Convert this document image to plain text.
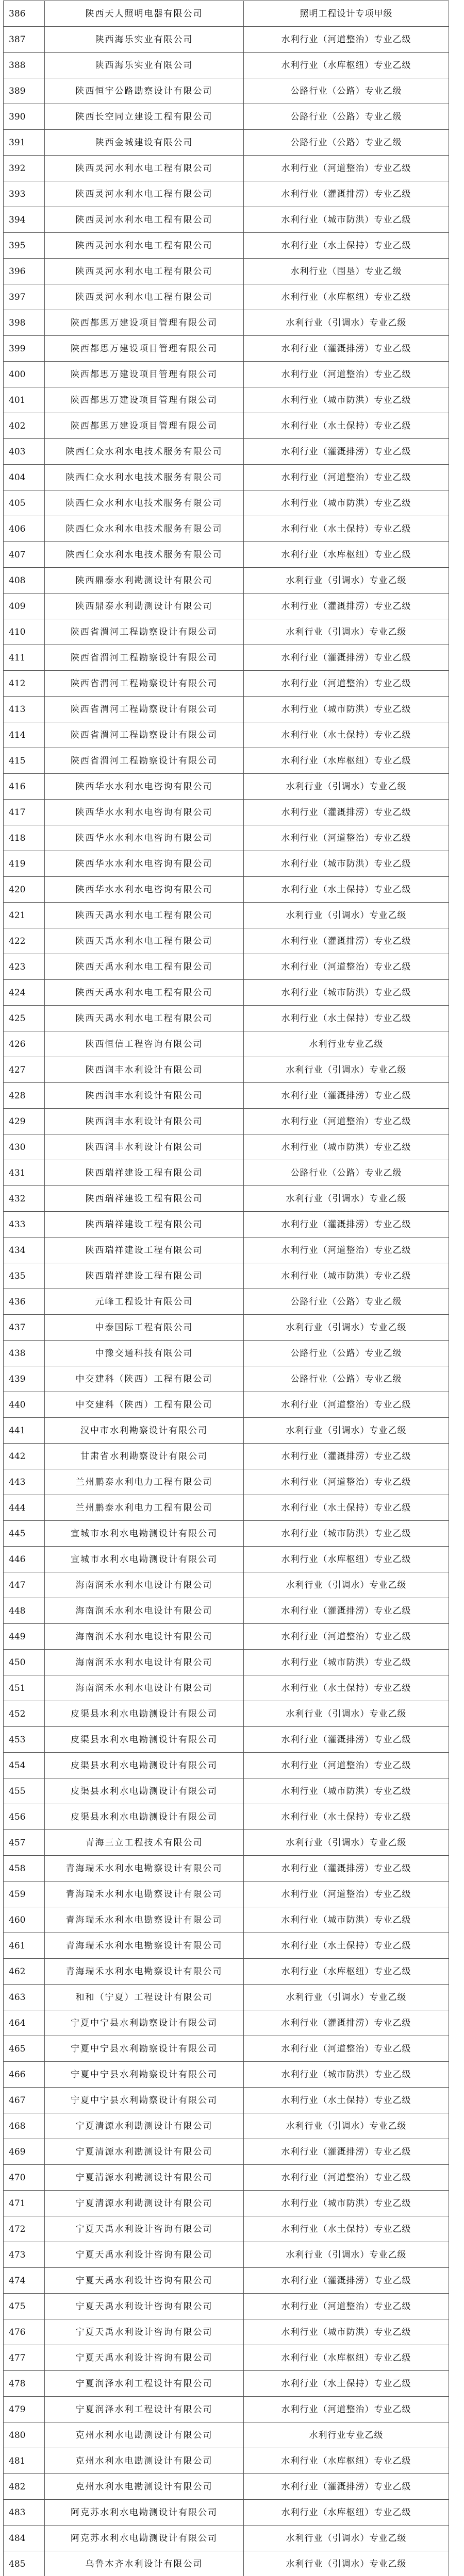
386	陕西天人照明电器有限公司	照明工程设计专项甲级
387	陕西海乐实业有限公司	水利行业（河道整治）专业乙级
388	陕西海乐实业有限公司	水利行业（水库枢纽）专业乙级
389	陕西恒宇公路勘察设计有限公司	公路行业（公路）专业乙级
390	陕西长空同立建设工程有限公司	公路行业（公路）专业乙级
391	陕西金城建设有限公司	公路行业（公路）专业乙级
392	陕西灵河水利水电工程有限公司	水利行业（河道整治）专业乙级
393	陕西灵河水利水电工程有限公司	水利行业（灌溉排涝）专业乙级
394	陕西灵河水利水电工程有限公司	水利行业（城市防洪）专业乙级
395	陕西灵河水利水电工程有限公司	水利行业（水土保持）专业乙级
396	陕西灵河水利水电工程有限公司	水利行业（围垦）专业乙级
397	陕西灵河水利水电工程有限公司	水利行业（水库枢纽）专业乙级
398	陕西都思万建设项目管理有限公司	水利行业（引调水）专业乙级
399	陕西都思万建设项目管理有限公司	水利行业（灌溉排涝）专业乙级
400	陕西都思万建设项目管理有限公司	水利行业（河道整治）专业乙级
401	陕西都思万建设项目管理有限公司	水利行业（城市防洪）专业乙级
402	陕西都思万建设项目管理有限公司	水利行业（水土保持）专业乙级
403	陕西仁众水利水电技术服务有限公司	水利行业（灌溉排涝）专业乙级
404	陕西仁众水利水电技术服务有限公司	水利行业（河道整治）专业乙级
405	陕西仁众水利水电技术服务有限公司	水利行业（城市防洪）专业乙级
406	陕西仁众水利水电技术服务有限公司	水利行业（水土保持）专业乙级
407	陕西仁众水利水电技术服务有限公司	水利行业（水库枢纽）专业乙级
408	陕西鼎泰水利勘测设计有限公司	水利行业（引调水）专业乙级
409	陕西鼎泰水利勘测设计有限公司	水利行业（灌溉排涝）专业乙级
410	陕西省渭河工程勘察设计有限公司	水利行业（引调水）专业乙级
411	陕西省渭河工程勘察设计有限公司	水利行业（灌溉排涝）专业乙级
412	陕西省渭河工程勘察设计有限公司	水利行业（河道整治）专业乙级
413	陕西省渭河工程勘察设计有限公司	水利行业（城市防洪）专业乙级
414	陕西省渭河工程勘察设计有限公司	水利行业（水土保持）专业乙级
415	陕西省渭河工程勘察设计有限公司	水利行业（水库枢纽）专业乙级
416	陕西华水水利水电咨询有限公司	水利行业（引调水）专业乙级
417	陕西华水水利水电咨询有限公司	水利行业（灌溉排涝）专业乙级
418	陕西华水水利水电咨询有限公司	水利行业（河道整治）专业乙级
419	陕西华水水利水电咨询有限公司	水利行业（城市防洪）专业乙级
420	陕西华水水利水电咨询有限公司	水利行业（水土保持）专业乙级
421	陕西天禹水利水电工程有限公司	水利行业（引调水）专业乙级
422	陕西天禹水利水电工程有限公司	水利行业（灌溉排涝）专业乙级
423	陕西天禹水利水电工程有限公司	水利行业（河道整治）专业乙级
424	陕西天禹水利水电工程有限公司	水利行业（城市防洪）专业乙级
425	陕西天禹水利水电工程有限公司	水利行业（水土保持）专业乙级
426	陕西恒信工程咨询有限公司	水利行业专业乙级
427	陕西润丰水利设计有限公司	水利行业（引调水）专业乙级
428	陕西润丰水利设计有限公司	水利行业（灌溉排涝）专业乙级
429	陕西润丰水利设计有限公司	水利行业（河道整治）专业乙级
430	陕西润丰水利设计有限公司	水利行业（城市防洪）专业乙级
431	陕西瑞祥建设工程有限公司	公路行业（公路）专业乙级
432	陕西瑞祥建设工程有限公司	水利行业（引调水）专业乙级
433	陕西瑞祥建设工程有限公司	水利行业（灌溉排涝）专业乙级
434	陕西瑞祥建设工程有限公司	水利行业（河道整治）专业乙级
435	陕西瑞祥建设工程有限公司	水利行业（城市防洪）专业乙级
436	元峰工程设计有限公司	公路行业（公路）专业乙级
437	中泰国际工程有限公司	水利行业（引调水）专业乙级
438	中豫交通科技有限公司	公路行业（公路）专业乙级
439	中交建科（陕西）工程有限公司	公路行业（公路）专业乙级
440	中交建科（陕西）工程有限公司	水利行业（河道整治）专业乙级
441	汉中市水利勘察设计有限公司	水利行业（引调水）专业乙级
442	甘肃省水利勘察设计有限公司	水利行业（灌溉排涝）专业乙级
443	兰州鹏泰水利电力工程有限公司	水利行业（河道整治）专业乙级
444	兰州鹏泰水利电力工程有限公司	水利行业（水土保持）专业乙级
445	宣城市水利水电勘测设计有限公司	水利行业（城市防洪）专业乙级
446	宣城市水利水电勘测设计有限公司	水利行业（水库枢纽）专业乙级
447	海南润禾水利水电设计有限公司	水利行业（引调水）专业乙级
448	海南润禾水利水电设计有限公司	水利行业（灌溉排涝）专业乙级
449	海南润禾水利水电设计有限公司	水利行业（河道整治）专业乙级
450	海南润禾水利水电设计有限公司	水利行业（城市防洪）专业乙级
451	海南润禾水利水电设计有限公司	水利行业（水土保持）专业乙级
452	皮渠县水利水电勘测设计有限公司	水利行业（引调水）专业乙级
453	皮渠县水利水电勘测设计有限公司	水利行业（灌溉排涝）专业乙级
454	皮渠县水利水电勘测设计有限公司	水利行业（河道整治）专业乙级
455	皮渠县水利水电勘测设计有限公司	水利行业（城市防洪）专业乙级
456	皮渠县水利水电勘测设计有限公司	水利行业（水土保持）专业乙级
457	青海三立工程技术有限公司	水利行业（引调水）专业乙级
458	青海瑞禾水利水电勘察设计有限公司	水利行业（灌溉排涝）专业乙级
459	青海瑞禾水利水电勘察设计有限公司	水利行业（河道整治）专业乙级
460	青海瑞禾水利水电勘察设计有限公司	水利行业（城市防洪）专业乙级
461	青海瑞禾水利水电勘察设计有限公司	水利行业（水土保持）专业乙级
462	青海瑞禾水利水电勘察设计有限公司	水利行业（水库枢纽）专业乙级
463	和和（宁夏）工程设计有限公司	水利行业（引调水）专业乙级
464	宁夏中宁县水利勘察设计有限公司	水利行业（灌溉排涝）专业乙级
465	宁夏中宁县水利勘察设计有限公司	水利行业（河道整治）专业乙级
466	宁夏中宁县水利勘察设计有限公司	水利行业（城市防洪）专业乙级
467	宁夏中宁县水利勘察设计有限公司	水利行业（水土保持）专业乙级
468	宁夏清源水利勘测设计有限公司	水利行业（引调水）专业乙级
469	宁夏清源水利勘测设计有限公司	水利行业（灌溉排涝）专业乙级
470	宁夏清源水利勘测设计有限公司	水利行业（河道整治）专业乙级
471	宁夏清源水利勘测设计有限公司	水利行业（城市防洪）专业乙级
472	宁夏天禹水利设计咨询有限公司	水利行业（水土保持）专业乙级
473	宁夏天禹水利设计咨询有限公司	水利行业（引调水）专业乙级
474	宁夏天禹水利设计咨询有限公司	水利行业（灌溉排涝）专业乙级
475	宁夏天禹水利设计咨询有限公司	水利行业（河道整治）专业乙级
476	宁夏天禹水利设计咨询有限公司	水利行业（城市防洪）专业乙级
477	宁夏天禹水利设计咨询有限公司	水利行业（水库枢纽）专业乙级
478	宁夏润泽水利工程设计有限公司	水利行业（水土保持）专业乙级
479	宁夏润泽水利工程设计有限公司	水利行业（河道整治）专业乙级
480	克州水利水电勘测设计有限公司	水利行业专业乙级
481	克州水利水电勘测设计有限公司	水利行业（水库枢纽）专业乙级
482	克州水利水电勘测设计有限公司	水利行业（灌溉排涝）专业乙级
483	阿克苏水利水电勘测设计有限公司	水利行业（水库枢纽）专业乙级
484	阿克苏水利水电勘测设计有限公司	水利行业（引调水）专业乙级
485	乌鲁木齐水利设计有限公司	水利行业（引调水）专业乙级
